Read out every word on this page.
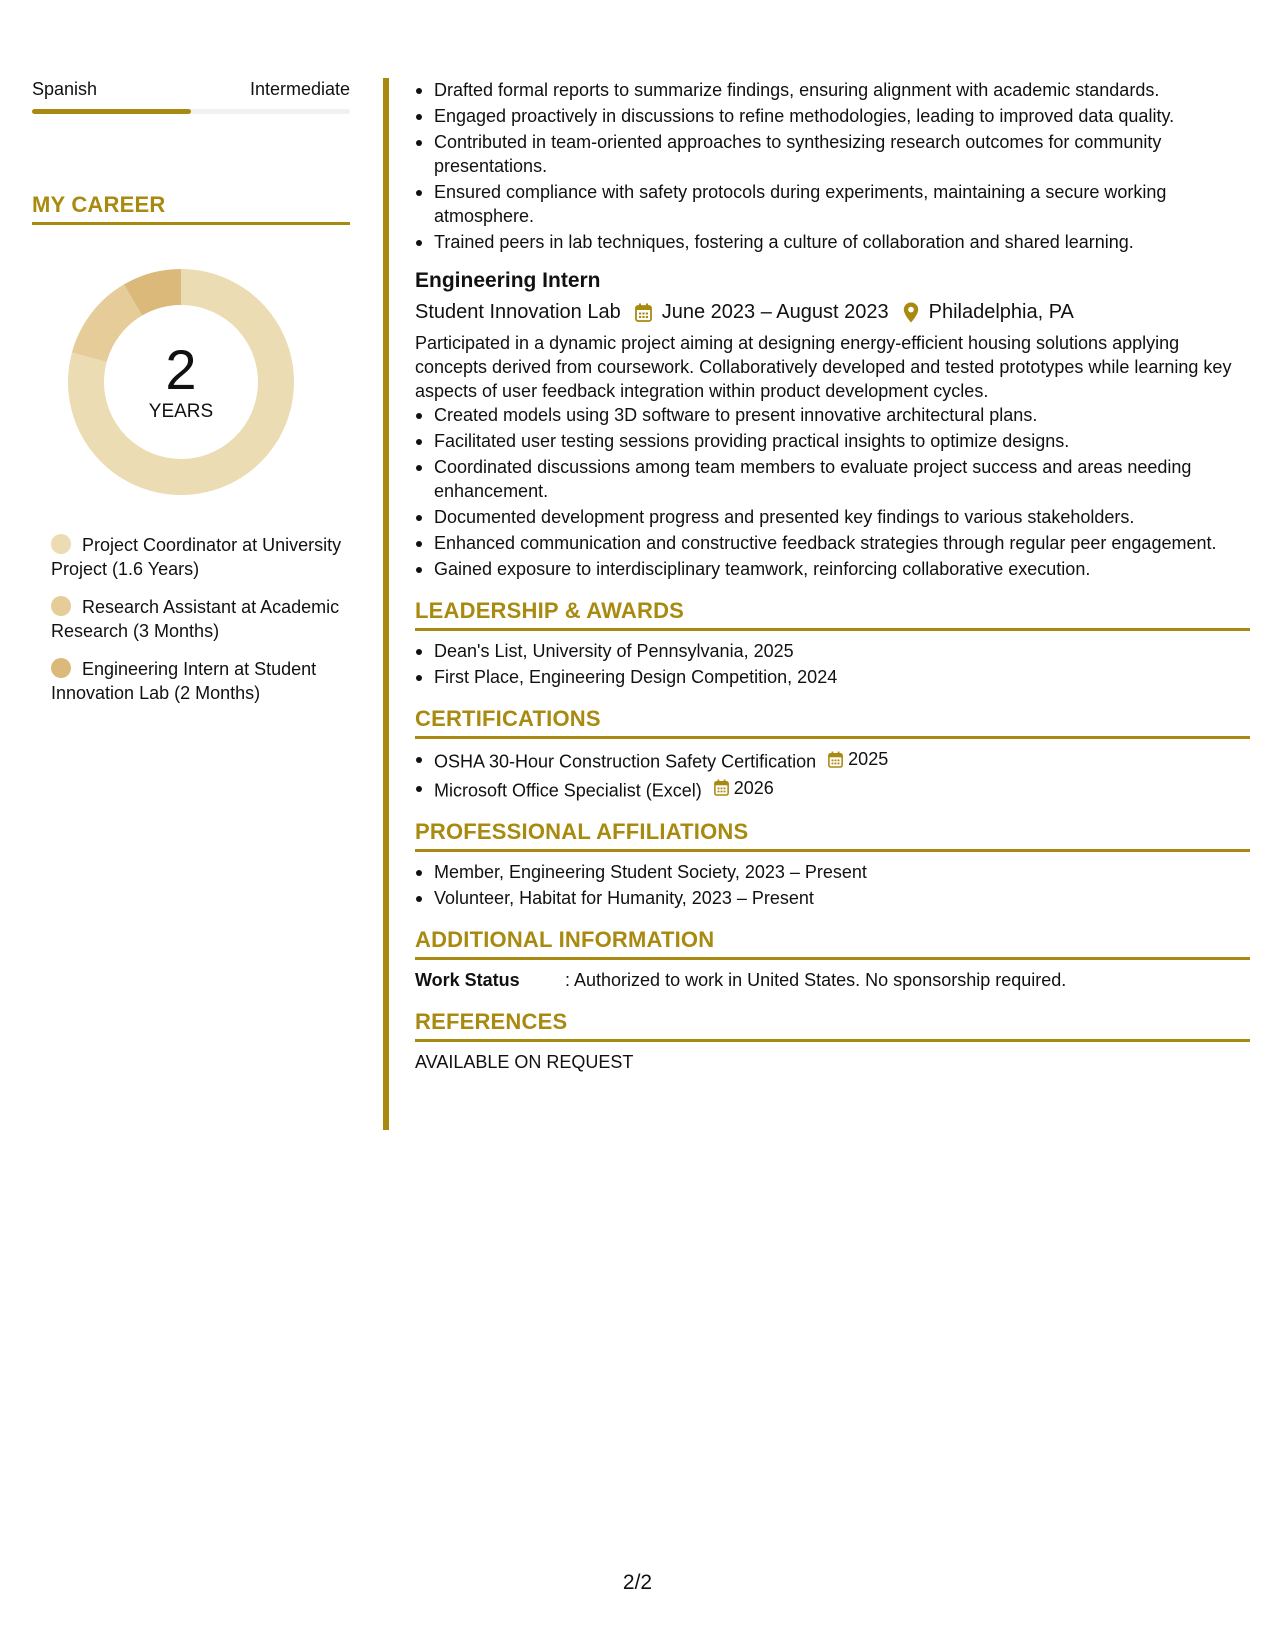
Spanish	Intermediate
MY CAREER
2
YEARS
Project Coordinator at University Project (1.6 Years)
Research Assistant at Academic Research (3 Months)
Engineering Intern at Student Innovation Lab (2 Months)
Drafted formal reports to summarize findings, ensuring alignment with academic standards.
Engaged proactively in discussions to refine methodologies, leading to improved data quality.
Contributed in team-oriented approaches to synthesizing research outcomes for community presentations.
Ensured compliance with safety protocols during experiments, maintaining a secure working atmosphere.
Trained peers in lab techniques, fostering a culture of collaboration and shared learning.
Engineering Intern
Student Innovation Lab June 2023 – August 2023 Philadelphia, PA
Participated in a dynamic project aiming at designing energy-efficient housing solutions applying concepts derived from coursework. Collaboratively developed and tested prototypes while learning key aspects of user feedback integration within product development cycles.
Created models using 3D software to present innovative architectural plans.
Facilitated user testing sessions providing practical insights to optimize designs.
Coordinated discussions among team members to evaluate project success and areas needing enhancement.
Documented development progress and presented key findings to various stakeholders.
Enhanced communication and constructive feedback strategies through regular peer engagement.
Gained exposure to interdisciplinary teamwork, reinforcing collaborative execution.
LEADERSHIP & AWARDS
Dean's List, University of Pennsylvania, 2025
First Place, Engineering Design Competition, 2024
CERTIFICATIONS
OSHA 30-Hour Construction Safety Certification 2025
Microsoft Office Specialist (Excel) 2026
PROFESSIONAL AFFILIATIONS
Member, Engineering Student Society, 2023 – Present
Volunteer, Habitat for Humanity, 2023 – Present
ADDITIONAL INFORMATION
Work Status	: Authorized to work in United States. No sponsorship required.
REFERENCES
AVAILABLE ON REQUEST
2/2
